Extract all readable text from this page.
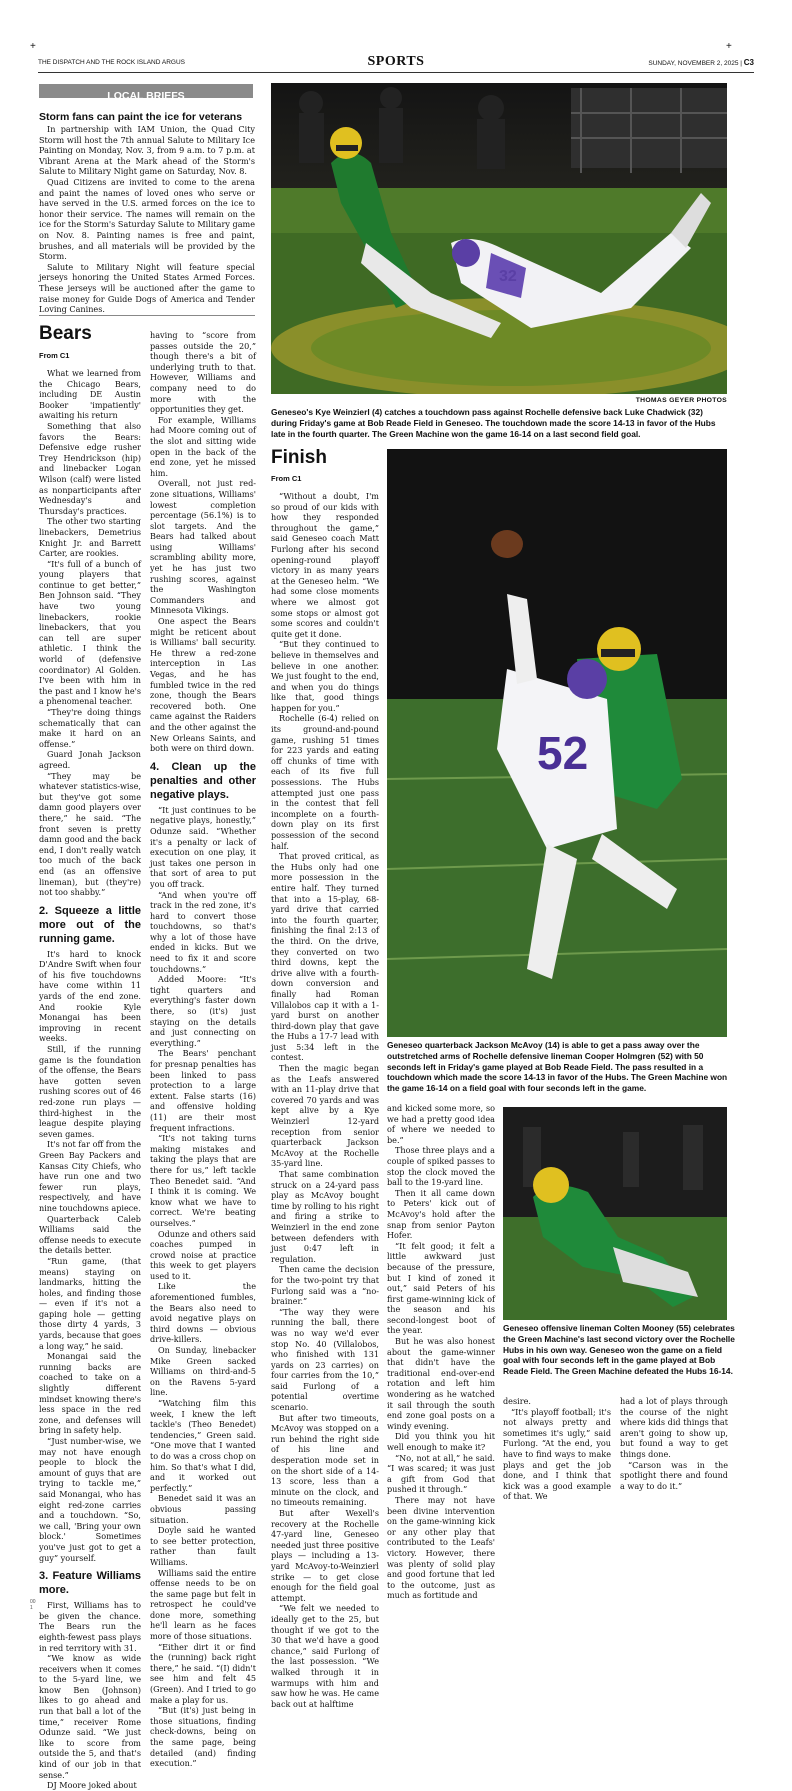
+	+
THE DISPATCH AND THE ROCK ISLAND ARGUS	SPORTS	SUNDAY, NOVEMBER 2, 2025 | C3
LOCAL BRIEFS
Storm fans can paint the ice for veterans

In partnership with IAM Union, the Quad City Storm will host the 7th annual Salute to Military Ice Painting on Monday, Nov. 3, from 9 a.m. to 7 p.m. at Vibrant Arena at the Mark ahead of the Storm's Salute to Military Night game on Saturday, Nov. 8.

Quad Citizens are invited to come to the arena and paint the names of loved ones who serve or have served in the U.S. armed forces on the ice to honor their service. The names will remain on the ice for the Storm's Saturday Salute to Military game on Nov. 8. Painting names is free and paint, brushes, and all materials will be provided by the Storm.

Salute to Military Night will feature special jerseys honoring the United States Armed Forces. These jerseys will be auctioned after the game to raise money for Guide Dogs of America and Tender Loving Canines.

Bears
From C1

What we learned from the Chicago Bears, including DE Austin Booker 'impatiently' awaiting his return

Something that also favors the Bears: Defensive edge rusher Trey Hendrickson (hip) and linebacker Logan Wilson (calf) were listed as nonparticipants after Wednesday's and Thursday's practices.

The other two starting linebackers, Demetrius Knight Jr. and Barrett Carter, are rookies.

“It's full of a bunch of young players that continue to get better,” Ben Johnson said. “They have two young linebackers, rookie linebackers, that you can tell are super athletic. I think the world of (defensive coordinator) Al Golden. I've been with him in the past and I know he's a phenomenal teacher.

“They're doing things schematically that can make it hard on an offense.”

Guard Jonah Jackson agreed.

“They may be whatever statistics-wise, but they've got some damn good players over there,” he said. “The front seven is pretty damn good and the back end, I don't really watch too much of the back end (as an offensive lineman), but (they're) not too shabby.”

2. Squeeze a little more out of the running game.

It's hard to knock D'Andre Swift when four of his five touchdowns have come within 11 yards of the end zone. And rookie Kyle Monangai has been improving in recent weeks.

Still, if the running game is the foundation of the offense, the Bears have gotten seven rushing scores out of 46 red-zone run plays — third-highest in the league despite playing seven games.

It's not far off from the Green Bay Packers and Kansas City Chiefs, who have run one and two fewer run plays, respectively, and have nine touchdowns apiece.

Quarterback Caleb Williams said the offense needs to execute the details better.

“Run game, (that means) staying on landmarks, hitting the holes, and finding those — even if it's not a gaping hole — getting those dirty 4 yards, 3 yards, because that goes a long way,” he said.

Monangai said the running backs are coached to take on a slightly different mindset knowing there's less space in the red zone, and defenses will bring in safety help.

“Just number-wise, we may not have enough people to block the amount of guys that are trying to tackle me,” said Monangai, who has eight red-zone carries and a touchdown. “So, we call, 'Bring your own block.' Sometimes you've just got to get a guy” yourself.

3. Feature Williams more.

First, Williams has to be given the chance. The Bears run the eighth-fewest pass plays in red territory with 31.

“We know as wide receivers when it comes to the 5-yard line, we know Ben (Johnson) likes to go ahead and run that ball a lot of the time,” receiver Rome Odunze said. “We just like to score from outside the 5, and that's kind of our job in that sense.”

DJ Moore joked about

having to “score from passes outside the 20,” though there's a bit of underlying truth to that. However, Williams and company need to do more with the opportunities they get.

For example, Williams had Moore coming out of the slot and sitting wide open in the back of the end zone, yet he missed him.

Overall, not just red-zone situations, Williams' lowest completion percentage (56.1%) is to slot targets. And the Bears had talked about using Williams' scrambling ability more, yet he has just two rushing scores, against the Washington Commanders and Minnesota Vikings.

One aspect the Bears might be reticent about is Williams' ball security. He threw a red-zone interception in Las Vegas, and he has fumbled twice in the red zone, though the Bears recovered both. One came against the Raiders and the other against the New Orleans Saints, and both were on third down.

4. Clean up the penalties and other negative plays.

“It just continues to be negative plays, honestly,” Odunze said. “Whether it's a penalty or lack of execution on one play, it just takes one person in that sort of area to put you off track.

“And when you're off track in the red zone, it's hard to convert those touchdowns, so that's why a lot of those have ended in kicks. But we need to fix it and score touchdowns.”

Added Moore: “It's tight quarters and everything's faster down there, so (it's) just staying on the details and just connecting on everything.”

The Bears' penchant for presnap penalties has been linked to pass protection to a large extent. False starts (16) and offensive holding (11) are their most frequent infractions.

“It's not taking turns making mistakes and taking the plays that are there for us,” left tackle Theo Benedet said. “And I think it is coming. We know what we have to correct. We're beating ourselves.”

Odunze and others said coaches pumped in crowd noise at practice this week to get players used to it.

Like the aforementioned fumbles, the Bears also need to avoid negative plays on third downs — obvious drive-killers.

On Sunday, linebacker Mike Green sacked Williams on third-and-5 on the Ravens 5-yard line.

“Watching film this week, I knew the left tackle's (Theo Benedet) tendencies,” Green said. “One move that I wanted to do was a cross chop on him. So that's what I did, and it worked out perfectly.”

Benedet said it was an obvious passing situation.

Doyle said he wanted to see better protection, rather than fault Williams.

Williams said the entire offense needs to be on the same page but felt in retrospect he could've done more, something he'll learn as he faces more of those situations.

“Either dirt it or find the (running) back right there,” he said. “(I) didn't see him and felt 45 (Green). And I tried to go make a play for us.

“But (it's) just being in those situations, finding check-downs, being on the same page, being detailed (and) finding execution.”

32
THOMAS GEYER PHOTOS
Geneseo's Kye Weinzierl (4) catches a touchdown pass against Rochelle defensive back Luke Chadwick (32) during Friday's game at Bob Reade Field in Geneseo. The touchdown made the score 14-13 in favor of the Hubs late in the fourth quarter. The Green Machine won the game 16-14 on a last second field goal.
Finish
From C1

“Without a doubt, I'm so proud of our kids with how they responded throughout the game,” said Geneseo coach Matt Furlong after his second opening-round playoff victory in as many years at the Geneseo helm. “We had some close moments where we almost got some stops or almost got some scores and couldn't quite get it done.

“But they continued to believe in themselves and believe in one another. We just fought to the end, and when you do things like that, good things happen for you.”

Rochelle (6-4) relied on its ground-and-pound game, rushing 51 times for 223 yards and eating off chunks of time with each of its five full possessions. The Hubs attempted just one pass in the contest that fell incomplete on a fourth-down play on its first possession of the second half.

That proved critical, as the Hubs only had one more possession in the entire half. They turned that into a 15-play, 68-yard drive that carried into the fourth quarter, finishing the final 2:13 of the third. On the drive, they converted on two third downs, kept the drive alive with a fourth-down conversion and finally had Roman Villalobos cap it with a 1-yard burst on another third-down play that gave the Hubs a 17-7 lead with just 5:34 left in the contest.

Then the magic began as the Leafs answered with an 11-play drive that covered 70 yards and was kept alive by a Kye Weinzierl 12-yard reception from senior quarterback Jackson McAvoy at the Rochelle 35-yard line.

That same combination struck on a 24-yard pass play as McAvoy bought time by rolling to his right and firing a strike to Weinzierl in the end zone between defenders with just 0:47 left in regulation.

Then came the decision for the two-point try that Furlong said was a “no-brainer.”

“The way they were running the ball, there was no way we'd ever stop No. 40 (Villalobos, who finished with 131 yards on 23 carries) on four carries from the 10,” said Furlong of a potential overtime scenario.

But after two timeouts, McAvoy was stopped on a run behind the right side of his line and desperation mode set in on the short side of a 14-13 score, less than a minute on the clock, and no timeouts remaining.

But after Wexell's recovery at the Rochelle 47-yard line, Geneseo needed just three positive plays — including a 13-yard McAvoy-to-Weinzierl strike — to get close enough for the field goal attempt.

“We felt we needed to ideally get to the 25, but thought if we got to the 30 that we'd have a good chance,” said Furlong of the last possession. “We walked through it in warmups with him and saw how he was. He came back out at halftime

52
Geneseo quarterback Jackson McAvoy (14) is able to get a pass away over the outstretched arms of Rochelle defensive lineman Cooper Holmgren (52) with 50 seconds left in Friday's game played at Bob Reade Field. The pass resulted in a touchdown which made the score 14-13 in favor of the Hubs. The Green Machine won the game 16-14 on a field goal with four seconds left in the game.

and kicked some more, so we had a pretty good idea of where we needed to be.”

Those three plays and a couple of spiked passes to stop the clock moved the ball to the 19-yard line.

Then it all came down to Peters' kick out of McAvoy's hold after the snap from senior Payton Hofer.

“It felt good; it felt a little awkward just because of the pressure, but I kind of zoned it out,” said Peters of his first game-winning kick of the season and his second-longest boot of the year.

But he was also honest about the game-winner that didn't have the traditional end-over-end rotation and left him wondering as he watched it sail through the south end zone goal posts on a windy evening.

Did you think you hit well enough to make it?

“No, not at all,” he said. “I was scared; it was just a gift from God that pushed it through.”

There may not have been divine intervention on the game-winning kick or any other play that contributed to the Leafs' victory. However, there was plenty of solid play and good fortune that led to the outcome, just as much as fortitude and

Geneseo offensive lineman Colten Mooney (55) celebrates the Green Machine's last second victory over the Rochelle Hubs in his own way. Geneseo won the game on a field goal with four seconds left in the game played at Bob Reade Field. The Green Machine defeated the Hubs 16-14.

desire.

“It's playoff football; it's not always pretty and sometimes it's ugly,” said Furlong. “At the end, you have to find ways to make plays and get the job done, and I think that kick was a good example of that. We

had a lot of plays through the course of the night where kids did things that aren't going to show up, but found a way to get things done.

“Carson was in the spotlight there and found a way to do it.”

00
1
